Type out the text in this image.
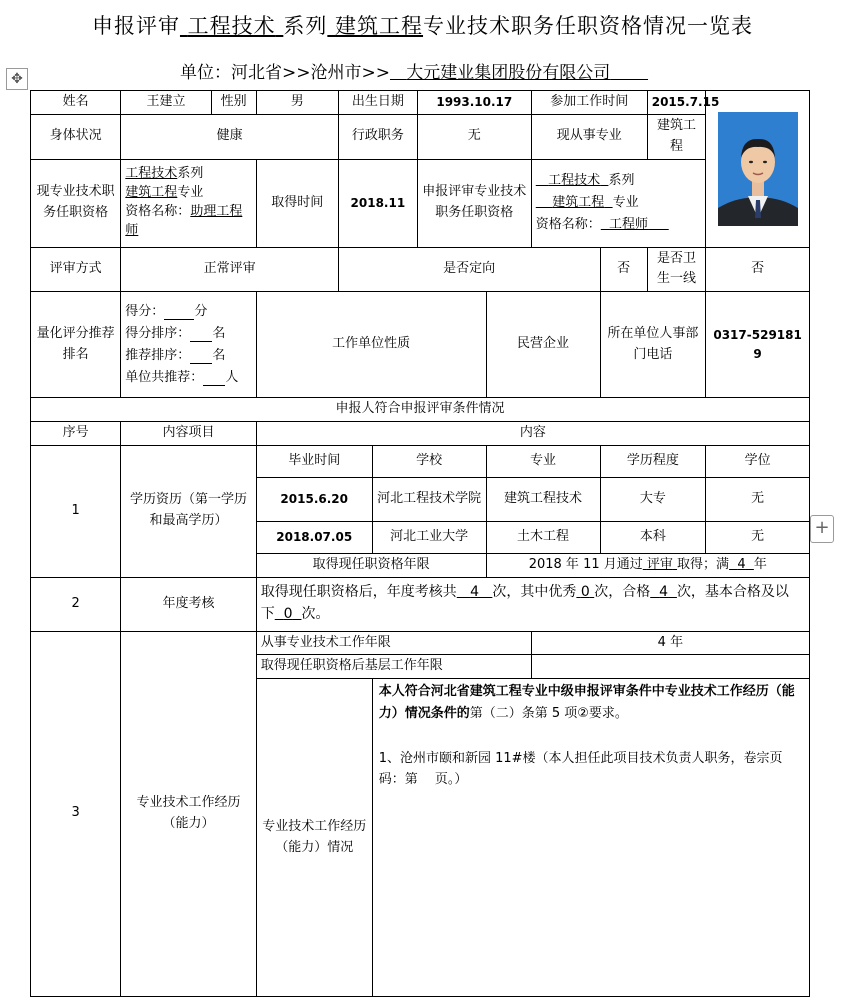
申报评审 工程技术 系列 建筑工程专业技术职务任职资格情况一览表
单位：河北省>>沧州市>> 大元建业集团股份有限公司
✥
+
姓名	王建立	性别	男	出生日期		1993.10.17		参加工作时间		2015.7.15	

身体状况	健康			行政职务		无		现从事专业		建筑工程	
现专业技术职务任职资格	工程技术系列
建筑工程专业
资格名称：助理工程师		取得时间	2018.11		申报评审专业技术职务任职资格		工程技术 系列
建筑工程 专业
资格名称： 工程师			
评审方式	正常评审			是否定向					否	是否卫生一线	否
量化评分推荐排名	得分： 分
得分排序： 名
推荐排序： 名
单位共推荐： 人		工作单位性质				民营企业		所在单位人事部门电话		0317-5291819
申报人符合申报评审条件情况											
序号	内容项目		内容								
1	学历资历（第一学历和最高学历）		毕业时间		学校		专业		学历程度		学位
			2015.6.20		河北工程技术学院		建筑工程技术		大专		无
			2018.07.05		河北工业大学		土木工程		本科		无
			取得现任职资格年限				2018 年 11 月通过 评审 取得；满 4 年				
2	年度考核		取得现任职资格后，年度考核共 4 次，其中优秀 0 次，合格 4 次，基本合格及以下 0 次。								
3	专业技术工作经历（能力）		从事专业技术工作年限					4 年			
			取得现任职资格后基层工作年限								
			专业技术工作经历（能力）情况		本人符合河北省建筑工程专业中级申报评审条件中专业技术工作经历（能力）情况条件的第（二）条第 5 项②要求。
1、沧州市颐和新园 11#楼（本人担任此项目技术负责人职务，卷宗页码：第　 页。）						
